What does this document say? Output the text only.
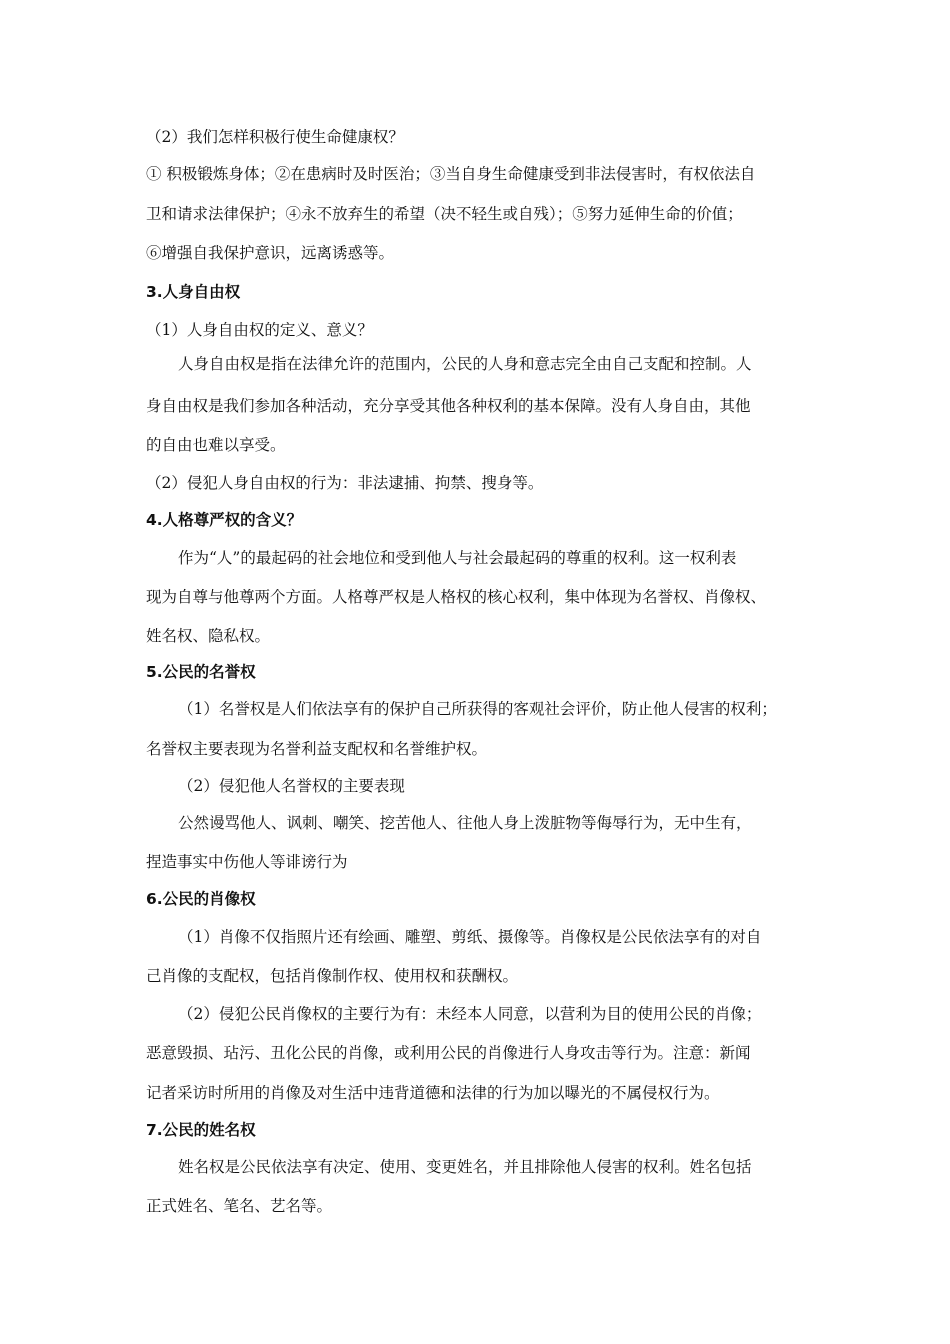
（2）我们怎样积极行使生命健康权？
① 积极锻炼身体；②在患病时及时医治；③当自身生命健康受到非法侵害时，有权依法自
卫和请求法律保护；④永不放弃生的希望（决不轻生或自残）；⑤努力延伸生命的价值；
⑥增强自我保护意识，远离诱惑等。
3.人身自由权
（1）人身自由权的定义、意义？
人身自由权是指在法律允许的范围内，公民的人身和意志完全由自己支配和控制。人
身自由权是我们参加各种活动，充分享受其他各种权利的基本保障。没有人身自由，其他
的自由也难以享受。
（2）侵犯人身自由权的行为：非法逮捕、拘禁、搜身等。
4.人格尊严权的含义？
作为“人”的最起码的社会地位和受到他人与社会最起码的尊重的权利。这一权利表
现为自尊与他尊两个方面。人格尊严权是人格权的核心权利，集中体现为名誉权、肖像权、
姓名权、隐私权。
5.公民的名誉权
（1）名誉权是人们依法享有的保护自己所获得的客观社会评价，防止他人侵害的权利；
名誉权主要表现为名誉利益支配权和名誉维护权。
（2）侵犯他人名誉权的主要表现
公然谩骂他人、讽刺、嘲笑、挖苦他人、往他人身上泼脏物等侮辱行为，无中生有，
捏造事实中伤他人等诽谤行为
6.公民的肖像权
（1）肖像不仅指照片还有绘画、雕塑、剪纸、摄像等。肖像权是公民依法享有的对自
己肖像的支配权，包括肖像制作权、使用权和获酬权。
（2）侵犯公民肖像权的主要行为有：未经本人同意，以营利为目的使用公民的肖像；
恶意毁损、玷污、丑化公民的肖像，或利用公民的肖像进行人身攻击等行为。注意：新闻
记者采访时所用的肖像及对生活中违背道德和法律的行为加以曝光的不属侵权行为。
7.公民的姓名权
姓名权是公民依法享有决定、使用、变更姓名，并且排除他人侵害的权利。姓名包括
正式姓名、笔名、艺名等。
